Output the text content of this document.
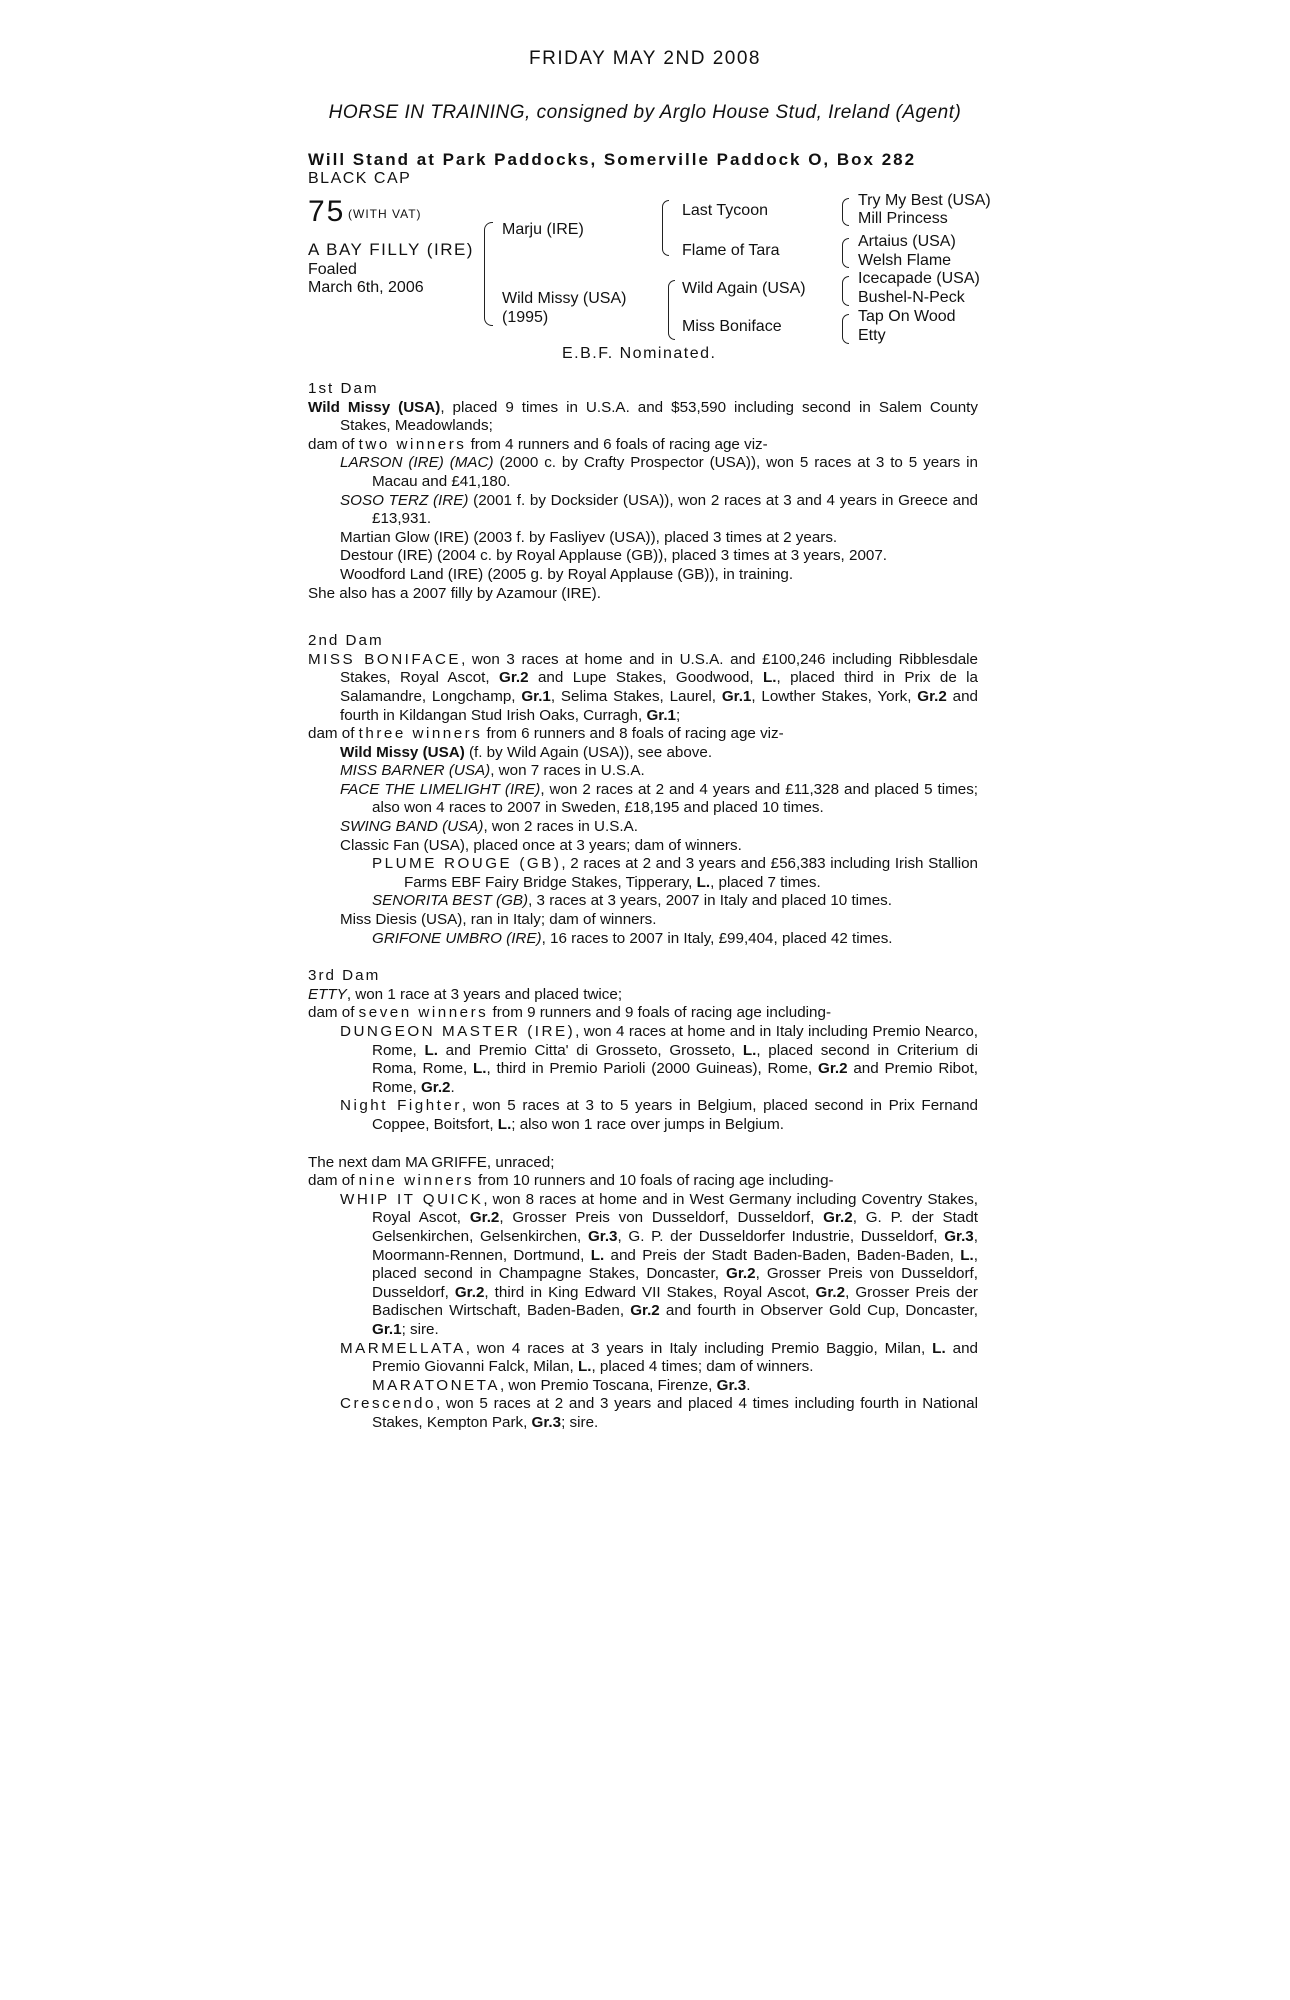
FRIDAY MAY 2ND 2008
HORSE IN TRAINING, consigned by Arglo House Stud, Ireland (Agent)
Will Stand at Park Paddocks, Somerville Paddock O, Box 282
BLACK CAP
75 (WITH VAT)
A BAY FILLY (IRE)
Foaled
March 6th, 2006
Marju (IRE)
Wild Missy (USA)
(1995)
Last Tycoon
Flame of Tara
Wild Again (USA)
Miss Boniface
Try My Best (USA)
Mill Princess
Artaius (USA)
Welsh Flame
Icecapade (USA)
Bushel-N-Peck
Tap On Wood
Etty
E.B.F. Nominated.

1st Dam

Wild Missy (USA), placed 9 times in U.S.A. and $53,590 including second in Salem County Stakes, Meadowlands;

dam of two winners from 4 runners and 6 foals of racing age viz-

LARSON (IRE) (MAC) (2000 c. by Crafty Prospector (USA)), won 5 races at 3 to 5 years in Macau and £41,180.

SOSO TERZ (IRE) (2001 f. by Docksider (USA)), won 2 races at 3 and 4 years in Greece and £13,931.

Martian Glow (IRE) (2003 f. by Fasliyev (USA)), placed 3 times at 2 years.

Destour (IRE) (2004 c. by Royal Applause (GB)), placed 3 times at 3 years, 2007.

Woodford Land (IRE) (2005 g. by Royal Applause (GB)), in training.

She also has a 2007 filly by Azamour (IRE).

2nd Dam

MISS BONIFACE, won 3 races at home and in U.S.A. and £100,246 including Ribblesdale Stakes, Royal Ascot, Gr.2 and Lupe Stakes, Goodwood, L., placed third in Prix de la Salamandre, Longchamp, Gr.1, Selima Stakes, Laurel, Gr.1, Lowther Stakes, York, Gr.2 and fourth in Kildangan Stud Irish Oaks, Curragh, Gr.1;

dam of three winners from 6 runners and 8 foals of racing age viz-

Wild Missy (USA) (f. by Wild Again (USA)), see above.

MISS BARNER (USA), won 7 races in U.S.A.

FACE THE LIMELIGHT (IRE), won 2 races at 2 and 4 years and £11,328 and placed 5 times; also won 4 races to 2007 in Sweden, £18,195 and placed 10 times.

SWING BAND (USA), won 2 races in U.S.A.

Classic Fan (USA), placed once at 3 years; dam of winners.

PLUME ROUGE (GB), 2 races at 2 and 3 years and £56,383 including Irish Stallion Farms EBF Fairy Bridge Stakes, Tipperary, L., placed 7 times.

SENORITA BEST (GB), 3 races at 3 years, 2007 in Italy and placed 10 times.

Miss Diesis (USA), ran in Italy; dam of winners.

GRIFONE UMBRO (IRE), 16 races to 2007 in Italy, £99,404, placed 42 times.

3rd Dam

ETTY, won 1 race at 3 years and placed twice;

dam of seven winners from 9 runners and 9 foals of racing age including-

DUNGEON MASTER (IRE), won 4 races at home and in Italy including Premio Nearco, Rome, L. and Premio Citta' di Grosseto, Grosseto, L., placed second in Criterium di Roma, Rome, L., third in Premio Parioli (2000 Guineas), Rome, Gr.2 and Premio Ribot, Rome, Gr.2.

Night Fighter, won 5 races at 3 to 5 years in Belgium, placed second in Prix Fernand Coppee, Boitsfort, L.; also won 1 race over jumps in Belgium.

The next dam MA GRIFFE, unraced;

dam of nine winners from 10 runners and 10 foals of racing age including-

WHIP IT QUICK, won 8 races at home and in West Germany including Coventry Stakes, Royal Ascot, Gr.2, Grosser Preis von Dusseldorf, Dusseldorf, Gr.2, G. P. der Stadt Gelsenkirchen, Gelsenkirchen, Gr.3, G. P. der Dusseldorfer Industrie, Dusseldorf, Gr.3, Moormann-Rennen, Dortmund, L. and Preis der Stadt Baden-Baden, Baden-Baden, L., placed second in Champagne Stakes, Doncaster, Gr.2, Grosser Preis von Dusseldorf, Dusseldorf, Gr.2, third in King Edward VII Stakes, Royal Ascot, Gr.2, Grosser Preis der Badischen Wirtschaft, Baden-Baden, Gr.2 and fourth in Observer Gold Cup, Doncaster, Gr.1; sire.

MARMELLATA, won 4 races at 3 years in Italy including Premio Baggio, Milan, L. and Premio Giovanni Falck, Milan, L., placed 4 times; dam of winners.

MARATONETA, won Premio Toscana, Firenze, Gr.3.

Crescendo, won 5 races at 2 and 3 years and placed 4 times including fourth in National Stakes, Kempton Park, Gr.3; sire.
